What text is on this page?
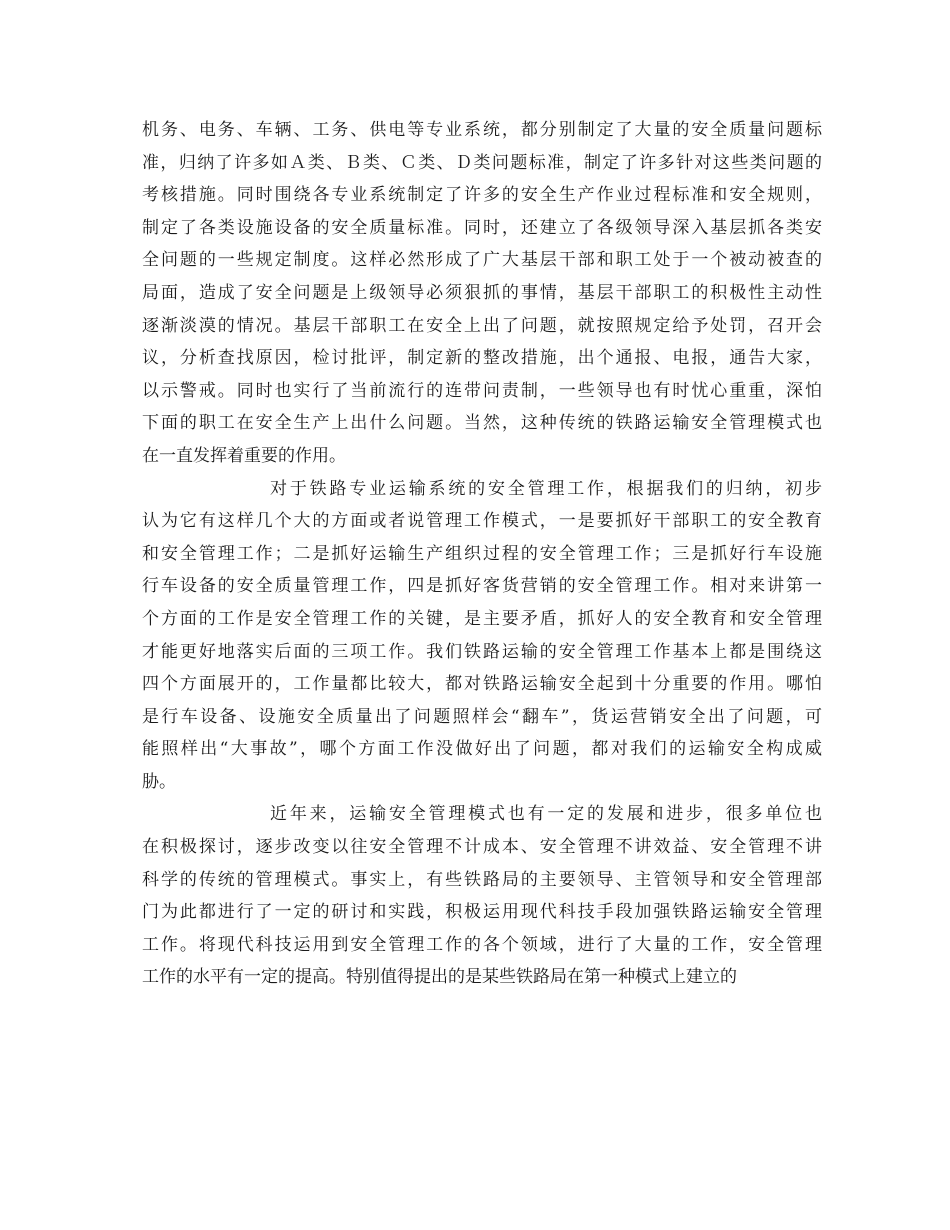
机务、电务、车辆、工务、供电等专业系统，都分别制定了大量的安全质量问题标
准，归纳了许多如Ａ类、Ｂ类、Ｃ类、Ｄ类问题标准，制定了许多针对这些类问题的
考核措施。同时围绕各专业系统制定了许多的安全生产作业过程标准和安全规则，
制定了各类设施设备的安全质量标准。同时，还建立了各级领导深入基层抓各类安
全问题的一些规定制度。这样必然形成了广大基层干部和职工处于一个被动被查的
局面，造成了安全问题是上级领导必须狠抓的事情，基层干部职工的积极性主动性
逐渐淡漠的情况。基层干部职工在安全上出了问题，就按照规定给予处罚，召开会
议，分析查找原因，检讨批评，制定新的整改措施，出个通报、电报，通告大家，
以示警戒。同时也实行了当前流行的连带问责制，一些领导也有时忧心重重，深怕
下面的职工在安全生产上出什么问题。当然，这种传统的铁路运输安全管理模式也
在一直发挥着重要的作用。
对于铁路专业运输系统的安全管理工作，根据我们的归纳，初步
认为它有这样几个大的方面或者说管理工作模式，一是要抓好干部职工的安全教育
和安全管理工作；二是抓好运输生产组织过程的安全管理工作；三是抓好行车设施
行车设备的安全质量管理工作，四是抓好客货营销的安全管理工作。相对来讲第一
个方面的工作是安全管理工作的关键，是主要矛盾，抓好人的安全教育和安全管理
才能更好地落实后面的三项工作。我们铁路运输的安全管理工作基本上都是围绕这
四个方面展开的，工作量都比较大，都对铁路运输安全起到十分重要的作用。哪怕
是行车设备、设施安全质量出了问题照样会“翻车”，货运营销安全出了问题，可
能照样出“大事故”，哪个方面工作没做好出了问题，都对我们的运输安全构成威
胁。
近年来，运输安全管理模式也有一定的发展和进步，很多单位也
在积极探讨，逐步改变以往安全管理不计成本、安全管理不讲效益、安全管理不讲
科学的传统的管理模式。事实上，有些铁路局的主要领导、主管领导和安全管理部
门为此都进行了一定的研讨和实践，积极运用现代科技手段加强铁路运输安全管理
工作。将现代科技运用到安全管理工作的各个领域，进行了大量的工作，安全管理
工作的水平有一定的提高。特别值得提出的是某些铁路局在第一种模式上建立的
